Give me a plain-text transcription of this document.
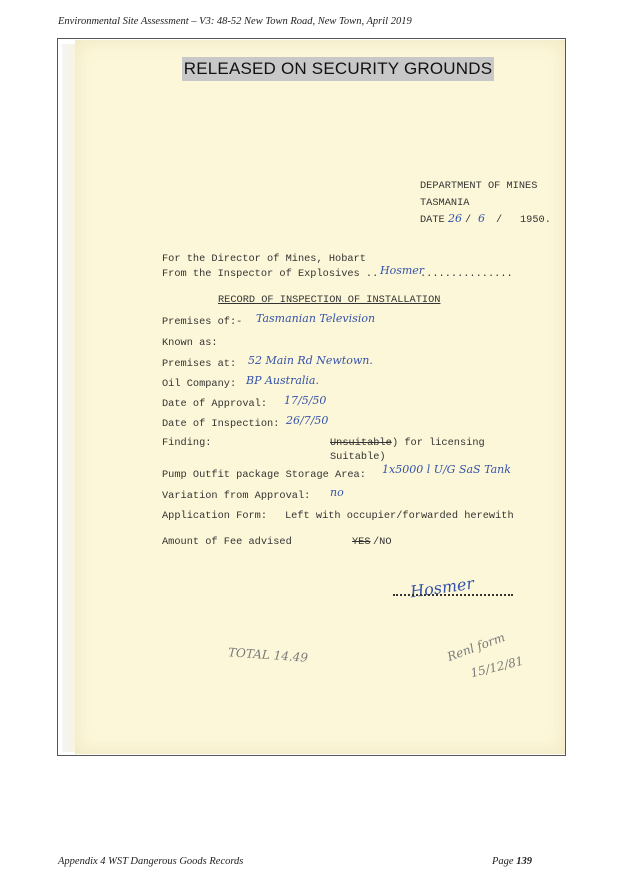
Environmental Site Assessment – V3: 48-52 New Town Road, New Town, April 2019
RELEASED ON SECURITY GROUNDS
DEPARTMENT OF MINES
TASMANIA
DATE 26 / 6 / 1950.
For the Director of Mines, Hobart
From the Inspector of Explosives .. Hosmer
...............
RECORD OF INSPECTION OF INSTALLATION
Premises of:- Tasmanian Television
Known as:
Premises at: 52 Main Rd Newtown.
Oil Company: BP Australia.
Date of Approval: 17/5/50
Date of Inspection: 26/7/50
Finding:	Unsuitable ) for licensing
Suitable)
Pump Outfit package Storage Area: 1x5000 l U/G SaS Tank
Variation from Approval: no
Application Form: Left with occupier/forwarded herewith
Amount of Fee advised	YES /NO
Hosmer
TOTAL 14.49	Renl form
15/12/81
Appendix 4 WST Dangerous Goods Records	Page 139
